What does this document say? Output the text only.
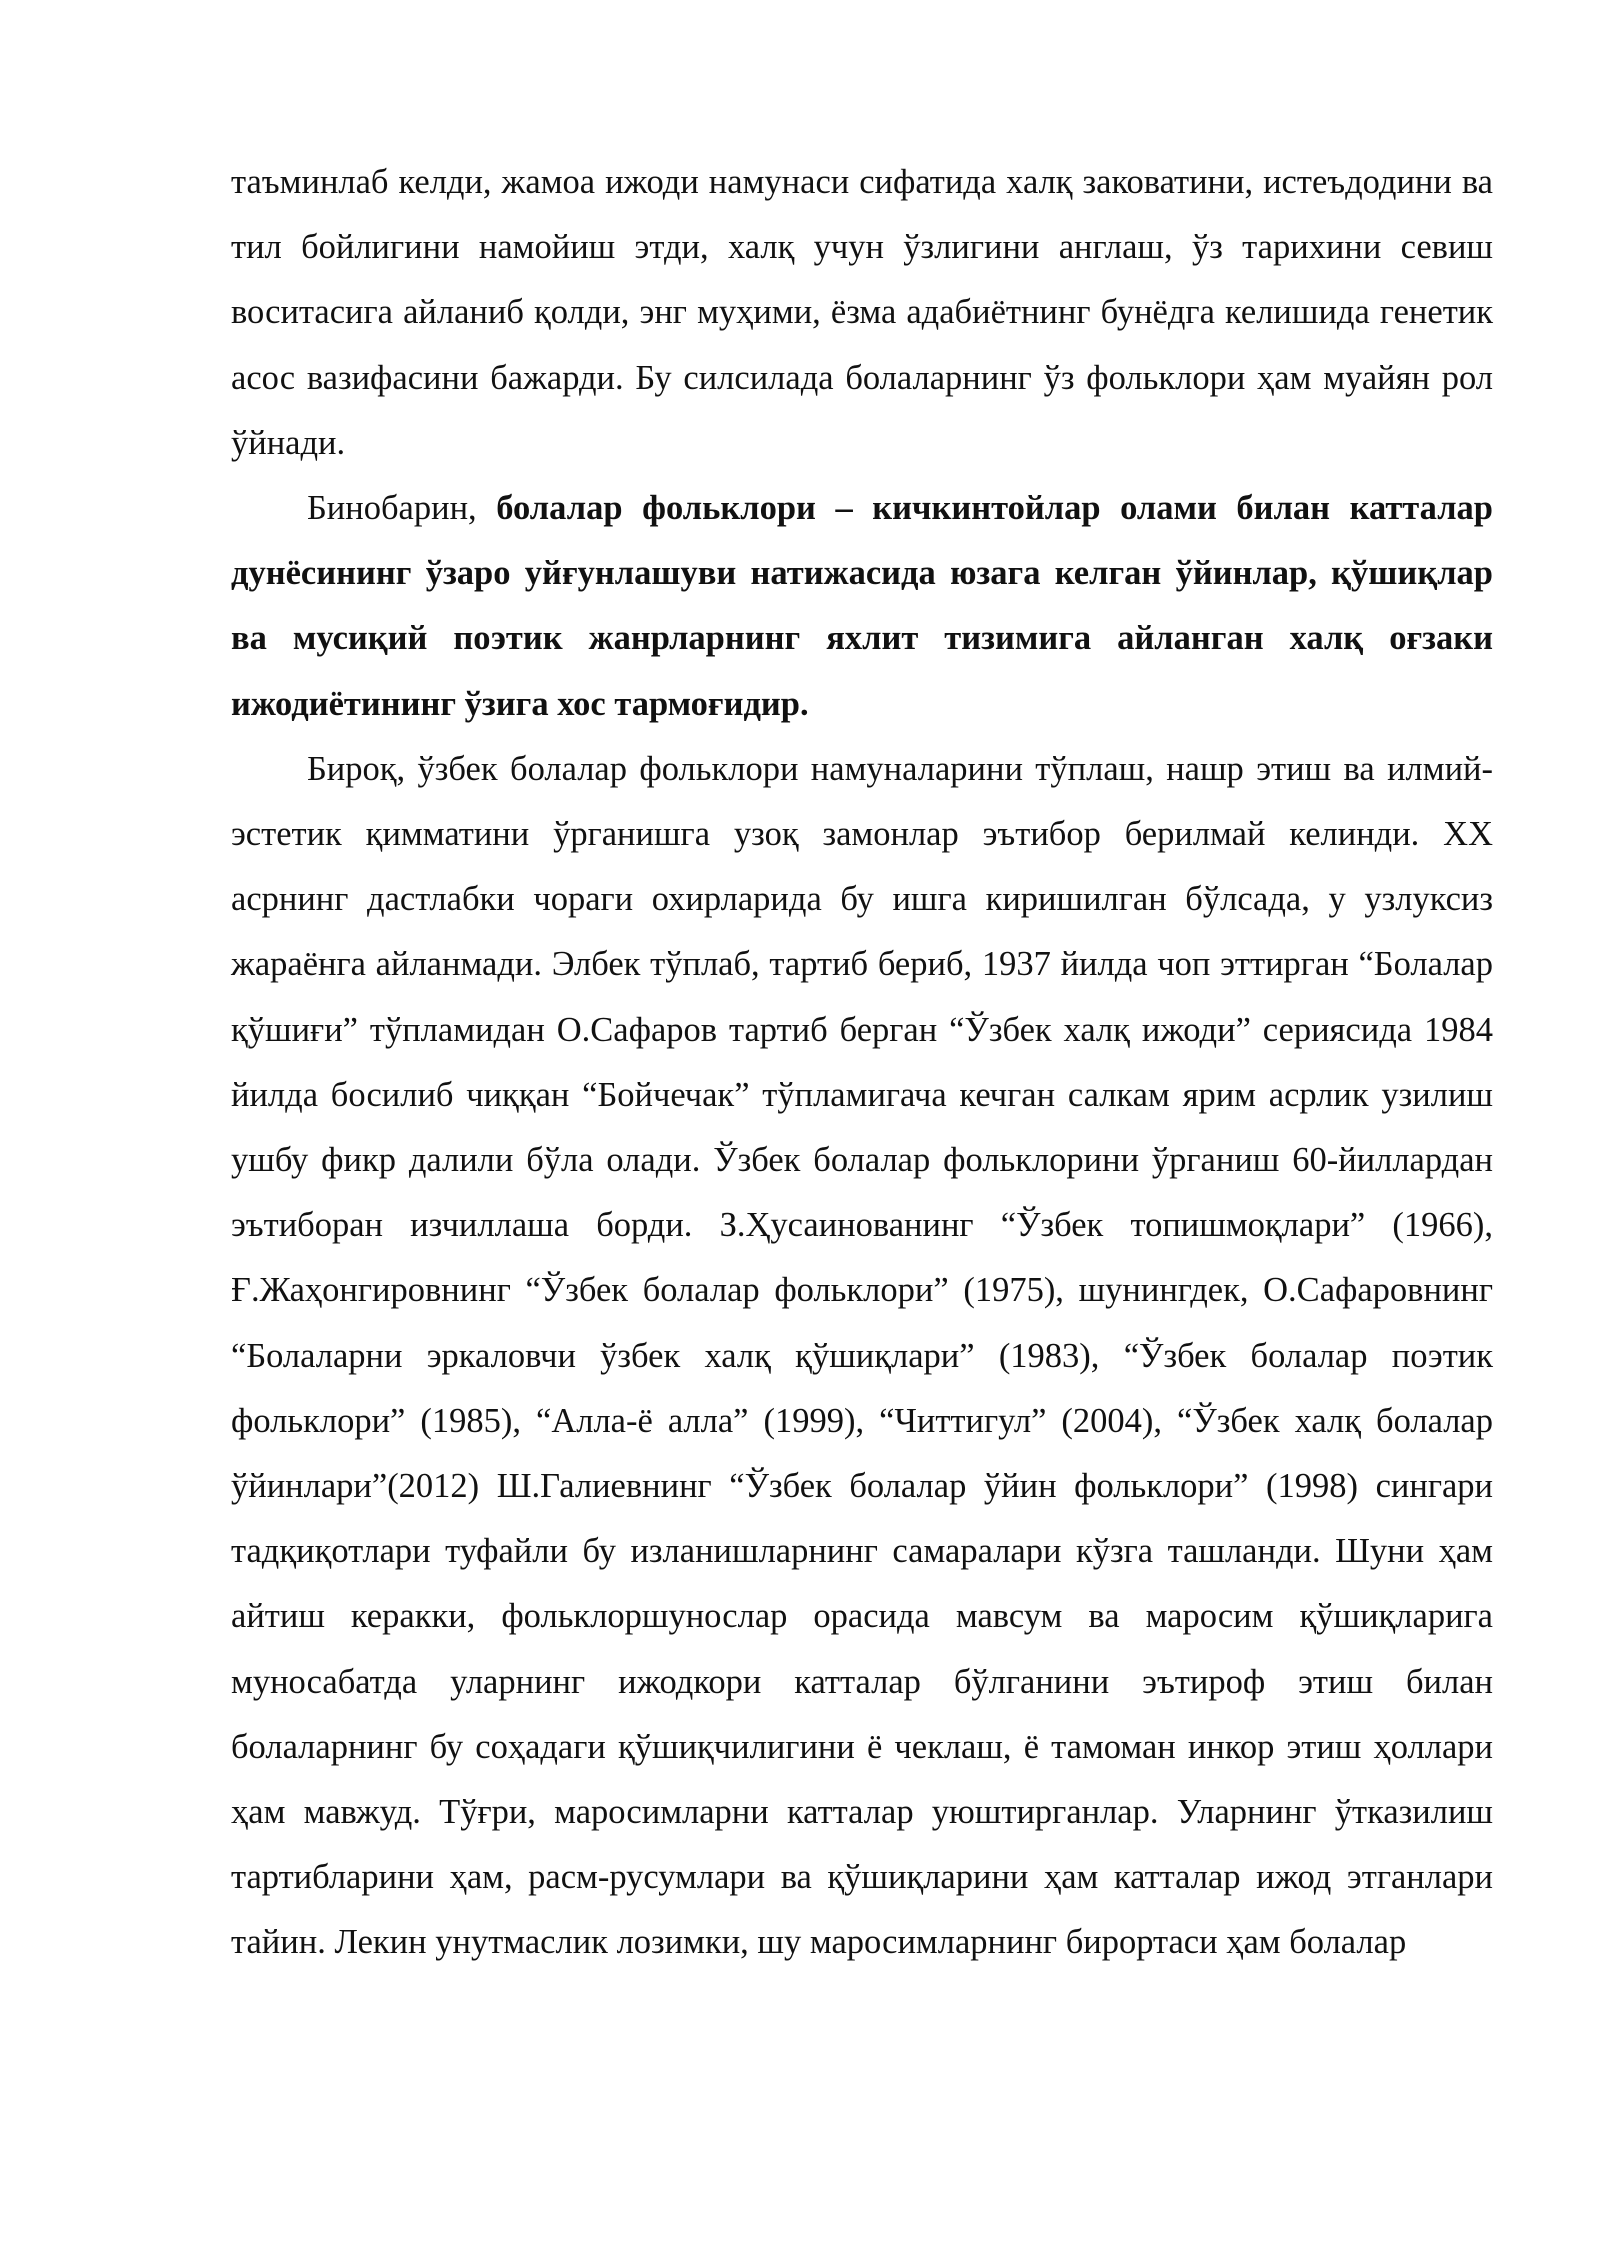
таъминлаб келди, жамоа ижоди намунаси сифатида халқ заковатини, истеъдодини ва тил бойлигини намойиш этди, халқ учун ўзлигини англаш, ўз тарихини севиш воситасига айланиб қолди, энг муҳими, ёзма адабиётнинг бунёдга келишида генетик асос вазифасини бажарди. Бу силсилада болаларнинг ўз фольклори ҳам муайян рол ўйнади.

Бинобарин, болалар фольклори – кичкинтойлар олами билан катталар дунёсининг ўзаро уйғунлашуви натижасида юзага келган ўйинлар, қўшиқлар ва мусиқий поэтик жанрларнинг яхлит тизимига айланган халқ оғзаки ижодиётининг ўзига хос тармоғидир.

Бироқ, ўзбек болалар фольклори намуналарини тўплаш, нашр этиш ва илмий-эстетик қимматини ўрганишга узоқ замонлар эътибор берилмай келинди. XX асрнинг дастлабки чораги охирларида бу ишга киришилган бўлсада, у узлуксиз жараёнга айланмади. Элбек тўплаб, тартиб бериб, 1937 йилда чоп эттирган “Болалар қўшиғи” тўпламидан О.Сафаров тартиб берган “Ўзбек халқ ижоди” сериясида 1984 йилда босилиб чиққан “Бойчечак” тўпламигача кечган салкам ярим асрлик узилиш ушбу фикр далили бўла олади. Ўзбек болалар фольклорини ўрганиш 60-йиллардан эътиборан изчиллаша борди. З.Ҳусаинованинг “Ўзбек топишмоқлари” (1966), Ғ.Жаҳонгировнинг “Ўзбек болалар фольклори” (1975), шунингдек, О.Сафаровнинг “Болаларни эркаловчи ўзбек халқ қўшиқлари” (1983), “Ўзбек болалар поэтик фольклори” (1985), “Алла-ё алла” (1999), “Читтигул” (2004), “Ўзбек халқ болалар ўйинлари”(2012) Ш.Галиевнинг “Ўзбек болалар ўйин фольклори” (1998) сингари тадқиқотлари туфайли бу изланишларнинг самаралари кўзга ташланди. Шуни ҳам айтиш керакки, фольклоршунослар орасида мавсум ва маросим қўшиқларига муносабатда уларнинг ижодкори катталар бўлганини эътироф этиш билан болаларнинг бу соҳадаги қўшиқчилигини ё чеклаш, ё тамоман инкор этиш ҳоллари ҳам мавжуд. Тўғри, маросимларни катталар уюштирганлар. Уларнинг ўтказилиш тартибларини ҳам, расм-русумлари ва қўшиқларини ҳам катталар ижод этганлари тайин. Лекин унутмаслик лозимки, шу маросимларнинг бирортаси ҳам болалар
